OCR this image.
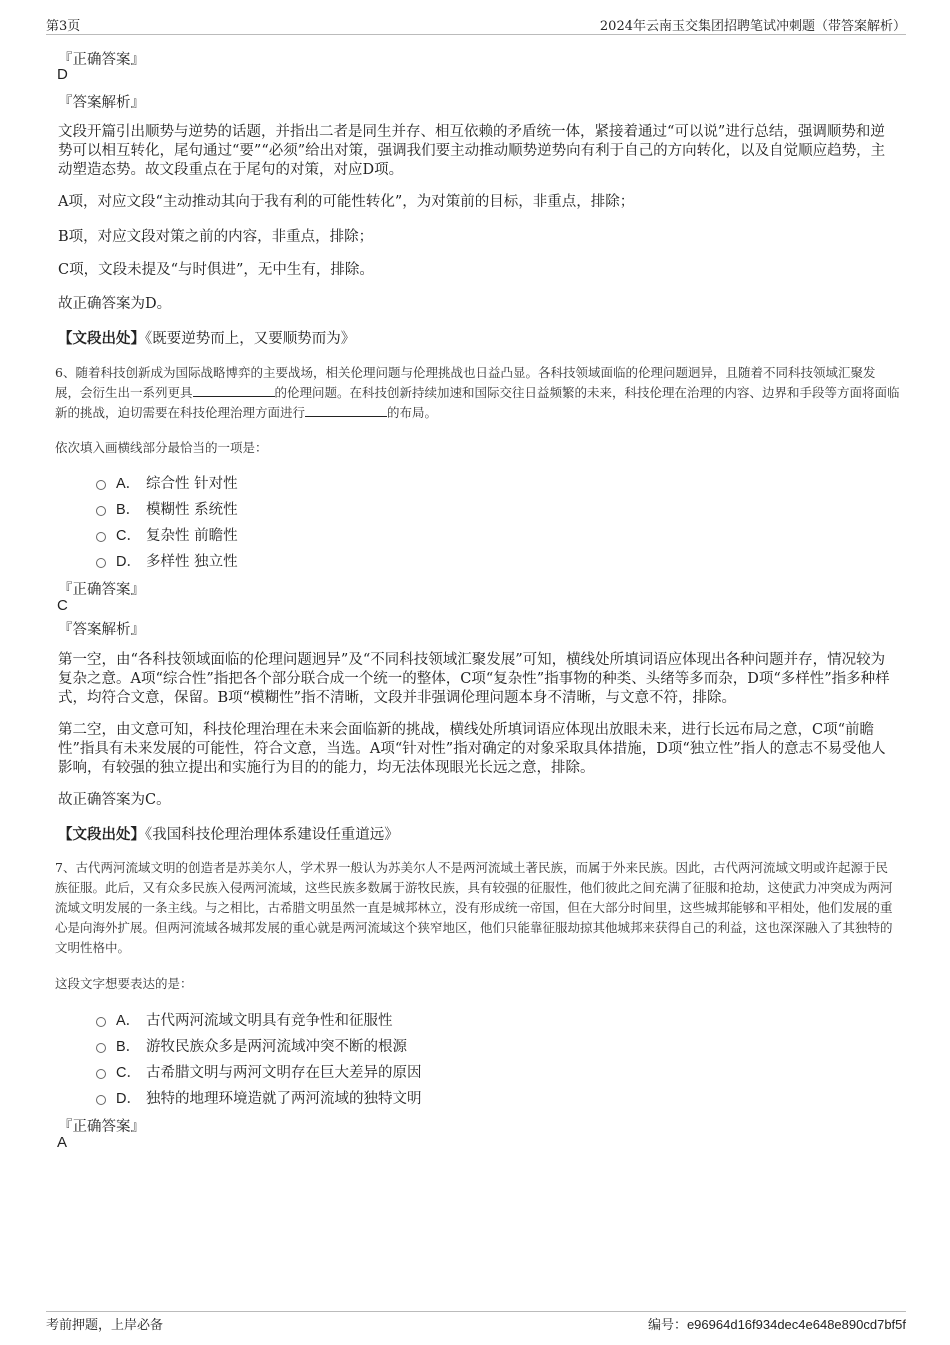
第3页	2024年云南玉交集团招聘笔试冲刺题（带答案解析）
『正确答案』
D
『答案解析』
文段开篇引出顺势与逆势的话题，并指出二者是同生并存、相互依赖的矛盾统一体，紧接着通过“可以说”进行总结，强调顺势和逆势可以相互转化，尾句通过“要”“必须”给出对策，强调我们要主动推动顺势逆势向有利于自己的方向转化，以及自觉顺应趋势，主动塑造态势。故文段重点在于尾句的对策，对应D项。
A项，对应文段“主动推动其向于我有利的可能性转化”，为对策前的目标，非重点，排除；
B项，对应文段对策之前的内容，非重点，排除；
C项，文段未提及“与时俱进”，无中生有，排除。
故正确答案为D。
【文段出处】《既要逆势而上，又要顺势而为》
6、随着科技创新成为国际战略博弈的主要战场，相关伦理问题与伦理挑战也日益凸显。各科技领域面临的伦理问题迥异，且随着不同科技领域汇聚发展，会衍生出一系列更具	的伦理问题。在科技创新持续加速和国际交往日益频繁的未来，科技伦理在治理的内容、边界和手段等方面将面临新的挑战，迫切需要在科技伦理治理方面进行	的布局。
依次填入画横线部分最恰当的一项是：
A． 综合性 针对性
B． 模糊性 系统性
C． 复杂性 前瞻性
D． 多样性 独立性
『正确答案』
C
『答案解析』
第一空，由“各科技领域面临的伦理问题迥异”及“不同科技领域汇聚发展”可知，横线处所填词语应体现出各种问题并存，情况较为复杂之意。A项“综合性”指把各个部分联合成一个统一的整体，C项“复杂性”指事物的种类、头绪等多而杂，D项“多样性”指多种样式，均符合文意，保留。B项“模糊性”指不清晰，文段并非强调伦理问题本身不清晰，与文意不符，排除。
第二空，由文意可知，科技伦理治理在未来会面临新的挑战，横线处所填词语应体现出放眼未来，进行长远布局之意，C项“前瞻性”指具有未来发展的可能性，符合文意，当选。A项“针对性”指对确定的对象采取具体措施，D项“独立性”指人的意志不易受他人影响，有较强的独立提出和实施行为目的的能力，均无法体现眼光长远之意，排除。
故正确答案为C。
【文段出处】《我国科技伦理治理体系建设任重道远》
7、古代两河流域文明的创造者是苏美尔人，学术界一般认为苏美尔人不是两河流域土著民族，而属于外来民族。因此，古代两河流域文明或许起源于民族征服。此后，又有众多民族入侵两河流域，这些民族多数属于游牧民族，具有较强的征服性，他们彼此之间充满了征服和抢劫，这使武力冲突成为两河流域文明发展的一条主线。与之相比，古希腊文明虽然一直是城邦林立，没有形成统一帝国，但在大部分时间里，这些城邦能够和平相处，他们发展的重心是向海外扩展。但两河流域各城邦发展的重心就是两河流域这个狭窄地区，他们只能靠征服劫掠其他城邦来获得自己的利益，这也深深融入了其独特的文明性格中。
这段文字想要表达的是：
A． 古代两河流域文明具有竞争性和征服性
B． 游牧民族众多是两河流域冲突不断的根源
C． 古希腊文明与两河文明存在巨大差异的原因
D． 独特的地理环境造就了两河流域的独特文明
『正确答案』
A
考前押题，上岸必备	编号：e96964d16f934dec4e648e890cd7bf5f
